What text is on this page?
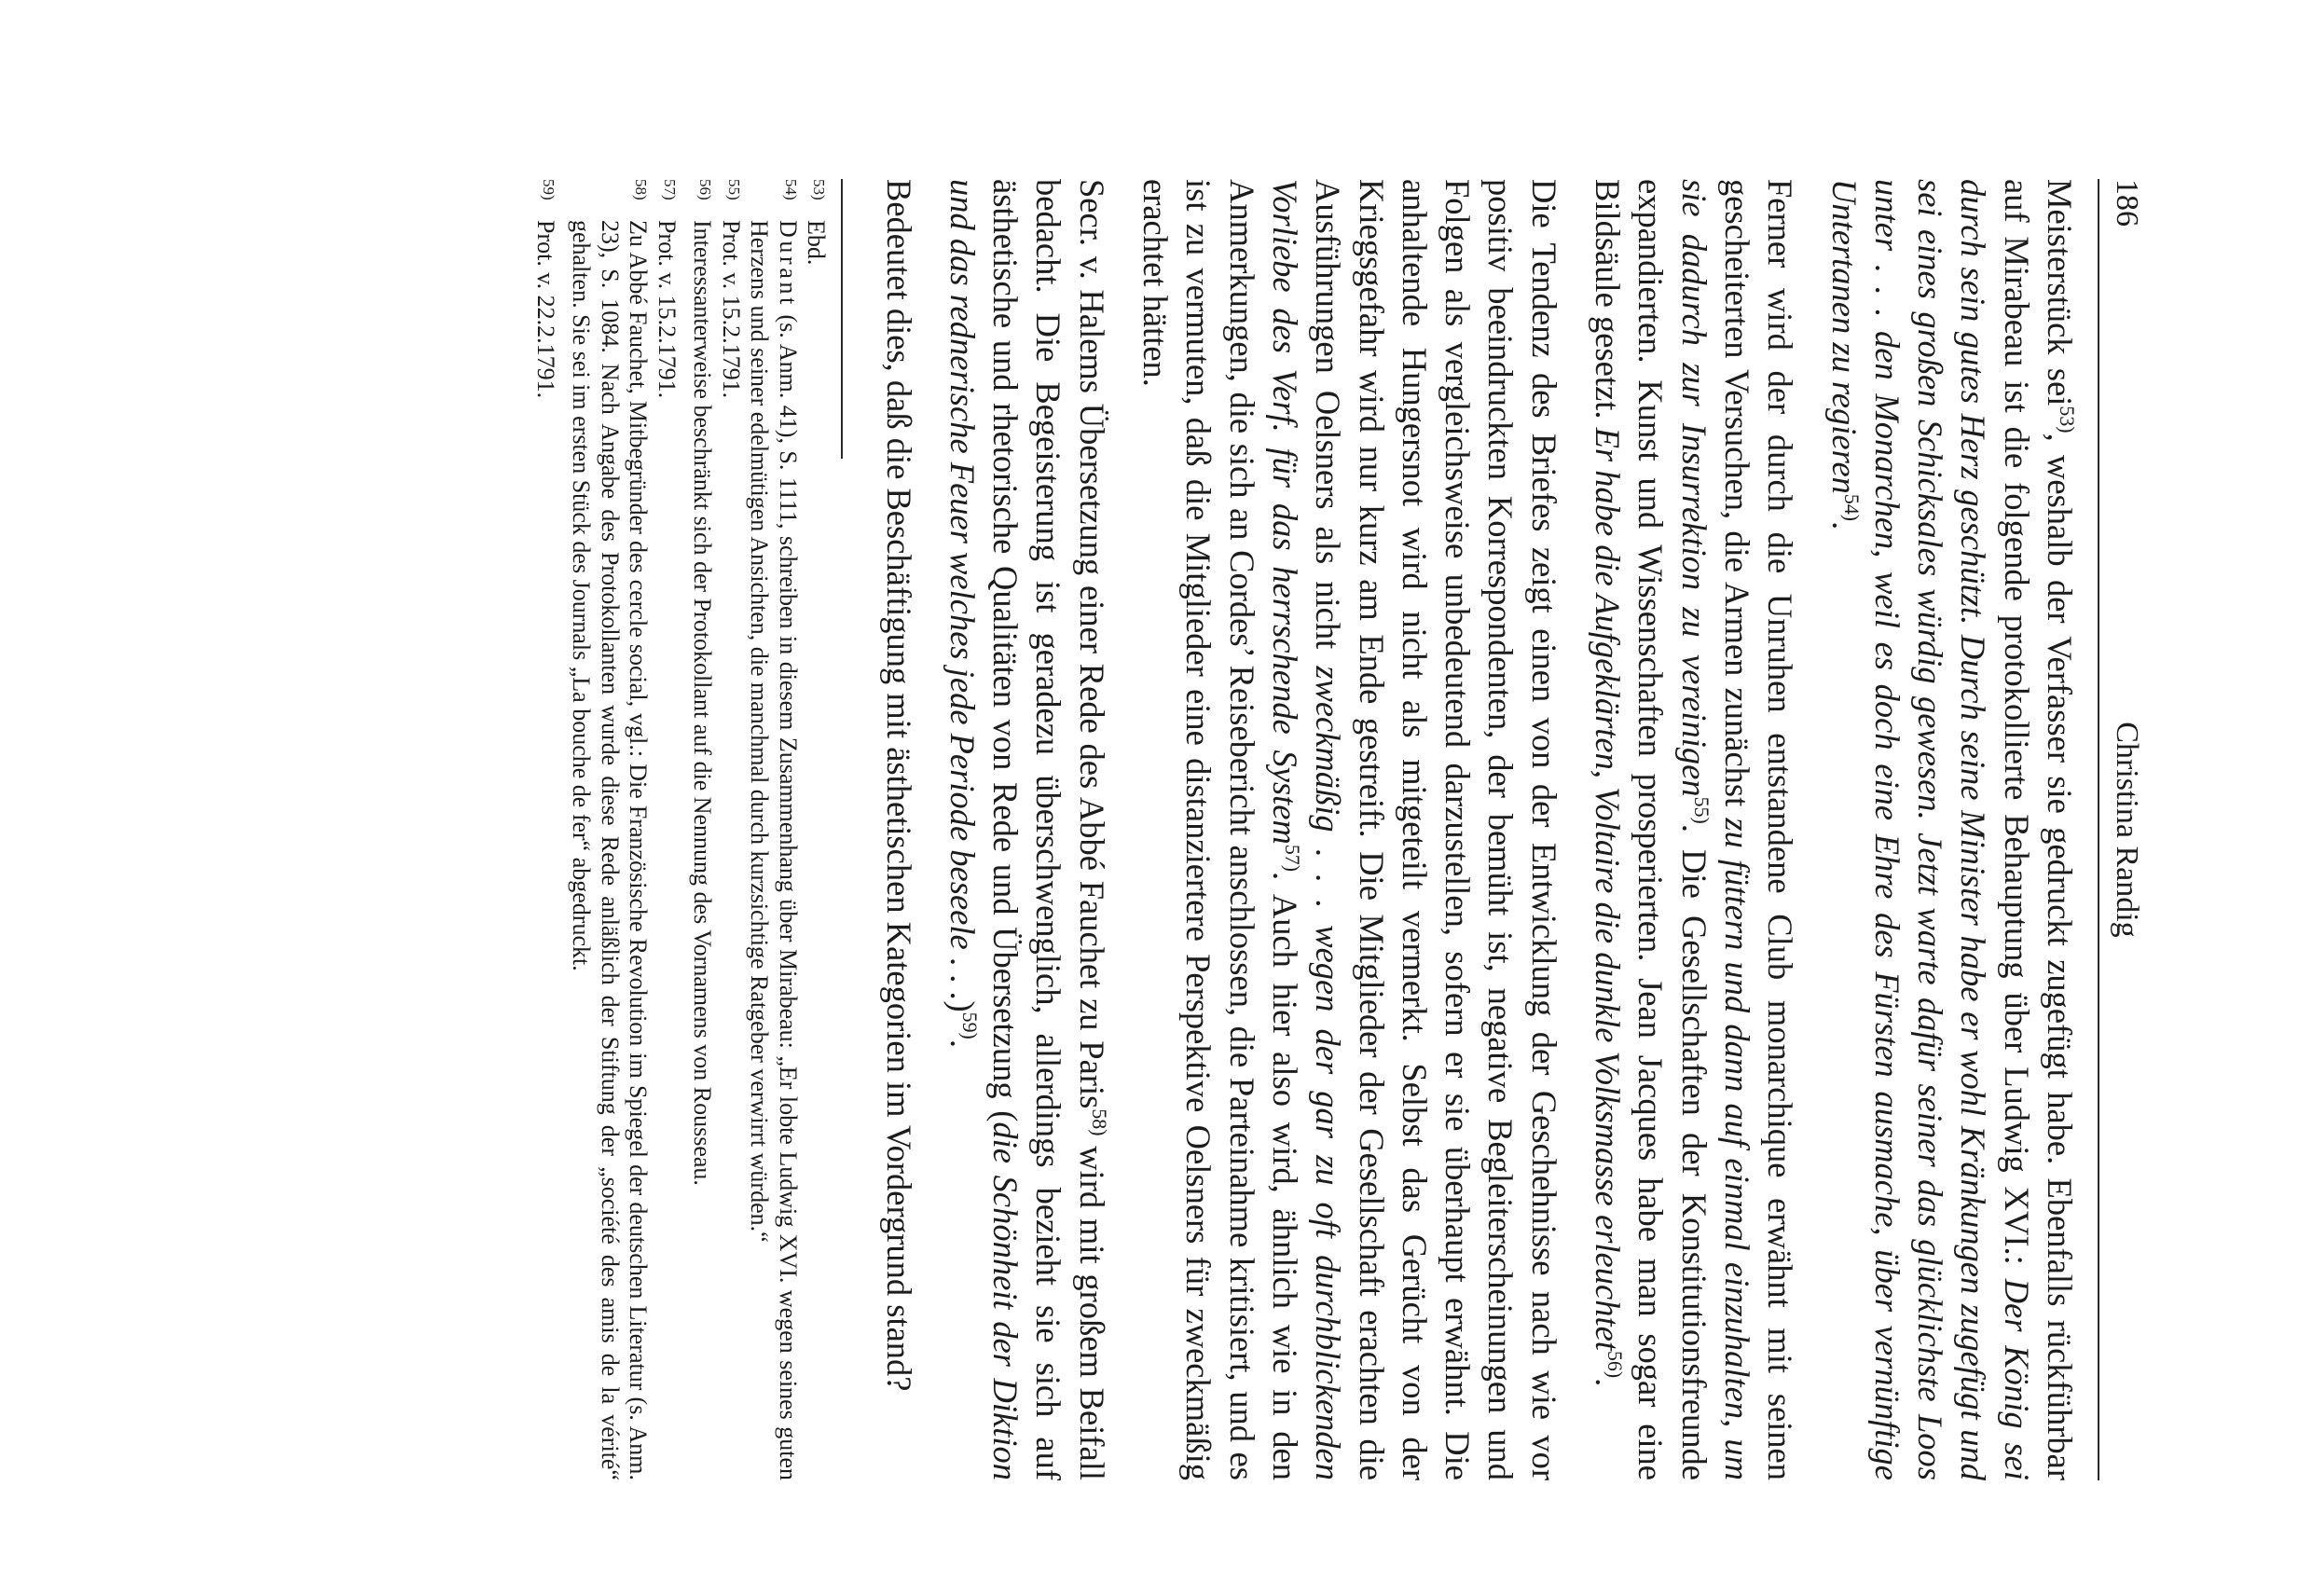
186
Christina Randig

Meisterstück sei$^{53)}$, weshalb der Verfasser sie gedruckt zugefügt habe. Ebenfalls rückführbar auf Mirabeau ist die folgende protokollierte Behauptung über Ludwig XVI.: Der König sei durch sein gutes Herz geschützt. Durch seine Minister habe er wohl Kränkungen zugefügt und sei eines großen Schicksales würdig gewesen. Jetzt warte dafür seiner das glücklichste Loos unter . . . den Monarchen, weil es doch eine Ehre des Fürsten ausmache, über vernünftige Untertanen zu regieren$^{54)}$.

Ferner wird der durch die Unruhen entstandene Club monarchique erwähnt mit seinen gescheiterten Versuchen, die Armen zunächst zu füttern und dann auf einmal einzuhalten, um sie dadurch zur Insurrektion zu vereinigen$^{55)}$. Die Gesellschaften der Konstitutionsfreunde expandierten. Kunst und Wissenschaften prosperierten. Jean Jacques habe man sogar eine Bildsäule gesetzt. Er habe die Aufgeklärten, Voltaire die dunkle Volksmasse erleuchtet$^{56)}$.

Die Tendenz des Briefes zeigt einen von der Entwicklung der Geschehnisse nach wie vor positiv beeindruckten Korrespondenten, der bemüht ist, negative Begleiterscheinungen und Folgen als vergleichsweise unbedeutend darzustellen, sofern er sie überhaupt erwähnt. Die anhaltende Hungersnot wird nicht als mitgeteilt vermerkt. Selbst das Gerücht von der Kriegsgefahr wird nur kurz am Ende gestreift. Die Mitglieder der Gesellschaft erachten die Ausführungen Oelsners als nicht zweckmäßig . . . wegen der gar zu oft durchblickenden Vorliebe des Verf. für das herrschende System$^{57)}$. Auch hier also wird, ähnlich wie in den Anmerkungen, die sich an Cordes’ Reisebericht anschlossen, die Parteinahme kritisiert, und es ist zu vermuten, daß die Mitglieder eine distanziertere Perspektive Oelsners für zweckmäßig erachtet hätten.

Secr. v. Halems Übersetzung einer Rede des Abbé Fauchet zu Paris$^{58)}$ wird mit großem Beifall bedacht. Die Begeisterung ist geradezu überschwenglich, allerdings bezieht sie sich auf ästhetische und rhetorische Qualitäten von Rede und Übersetzung (die Schönheit der Diktion und das rednerische Feuer welches jede Periode beseele . . .)$^{59)}$.

Bedeutet dies, daß die Beschäftigung mit ästhetischen Kategorien im Vordergrund stand?

53)
Ebd.
54)
Durant (s. Anm. 41), S. 1111, schreiben in diesem Zusammenhang über Mirabeau: „Er lobte Ludwig XVI. wegen seines guten Herzens und seiner edelmütigen Ansichten, die manchmal durch kurzsichtige Ratgeber verwirrt würden.“
55)
Prot. v. 15.2.1791.
56)
Interessanterweise beschränkt sich der Protokollant auf die Nennung des Vornamens von Rousseau.
57)
Prot. v. 15.2.1791.
58)
Zu Abbé Fauchet, Mitbegründer des cercle social, vgl.: Die Französische Revolution im Spiegel der deutschen Literatur (s. Anm. 23), S. 1084. Nach Angabe des Protokollanten wurde diese Rede anläßlich der Stiftung der „société des amis de la vérité“ gehalten. Sie sei im ersten Stück des Journals „La bouche de fer“ abgedruckt.
59)
Prot. v. 22.2.1791.
